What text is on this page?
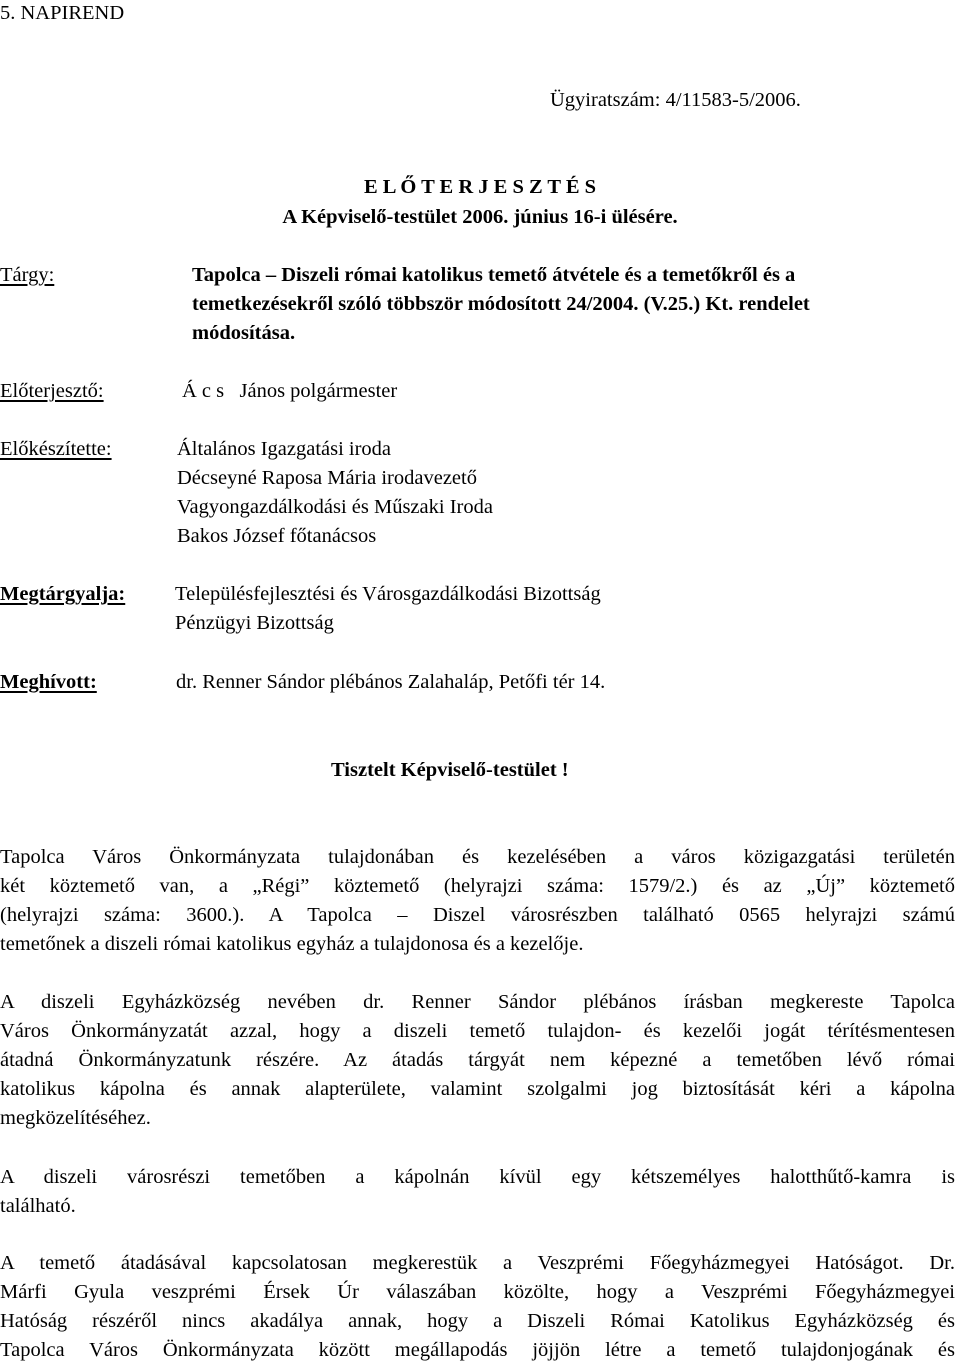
5. NAPIREND
Ügyiratszám: 4/11583-5/2006.
E L Ő T E R J E S Z T É S
A Képviselő-testület 2006. június 16-i ülésére.
Tárgy:	Tapolca – Diszeli római katolikus temető átvétele és a temetőkről és a
temetkezésekről szóló többször módosított 24/2004. (V.25.) Kt. rendelet
módosítása.
Előterjesztő:	Á c s   János polgármester
Előkészítette:	Általános Igazgatási iroda
Décseyné Raposa Mária irodavezető
Vagyongazdálkodási és Műszaki Iroda
Bakos József főtanácsos
Megtárgyalja: Településfejlesztési és Városgazdálkodási Bizottság
Pénzügyi Bizottság
Meghívott:	dr. Renner Sándor plébános Zalahaláp, Petőfi tér 14.
Tisztelt Képviselő-testület !
Tapolca Város Önkormányzata tulajdonában és kezelésében a város közigazgatási területén
két köztemető van, a „Régi” köztemető (helyrajzi száma: 1579/2.) és az „Új” köztemető
(helyrajzi száma: 3600.). A Tapolca – Diszel városrészben található 0565 helyrajzi számú
temetőnek a diszeli római katolikus egyház a tulajdonosa és a kezelője.
A diszeli Egyházközség nevében dr. Renner Sándor plébános írásban megkereste Tapolca
Város Önkormányzatát azzal, hogy a diszeli temető tulajdon- és kezelői jogát térítésmentesen
átadná Önkormányzatunk részére. Az átadás tárgyát nem képezné a temetőben lévő római
katolikus kápolna és annak alapterülete, valamint szolgalmi jog biztosítását kéri a kápolna
megközelítéséhez.
A diszeli városrészi temetőben a kápolnán kívül egy kétszemélyes halotthűtő-kamra is
található.
A temető átadásával kapcsolatosan megkerestük a Veszprémi Főegyházmegyei Hatóságot. Dr.
Márfi Gyula veszprémi Érsek Úr válaszában közölte, hogy a Veszprémi Főegyházmegyei
Hatóság részéről nincs akadálya annak, hogy a Diszeli Római Katolikus Egyházközség és
Tapolca Város Önkormányzata között megállapodás jöjjön létre a temető tulajdonjogának és
